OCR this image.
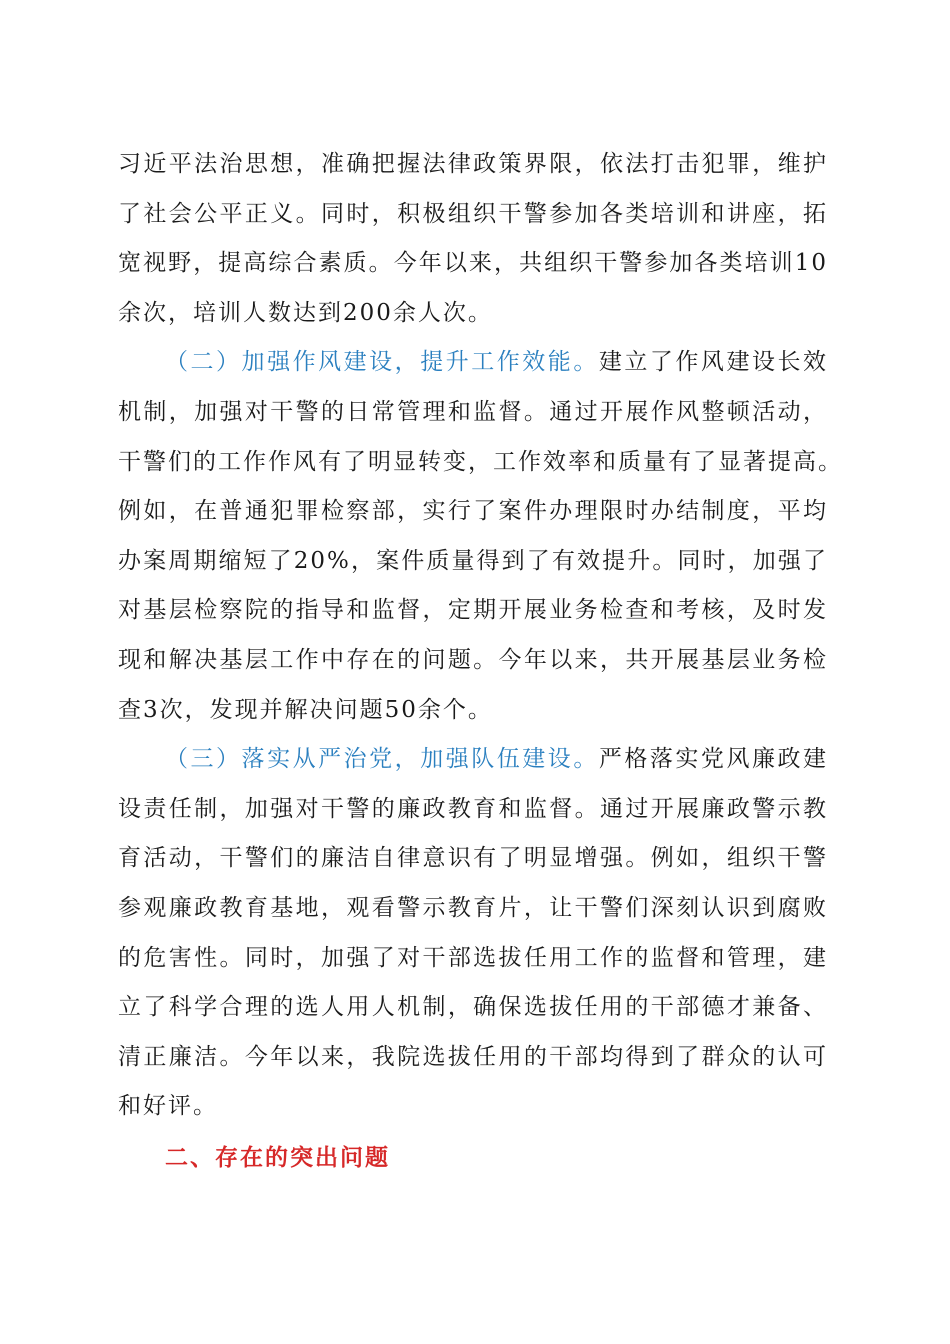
习近平法治思想，准确把握法律政策界限，依法打击犯罪，维护
了社会公平正义。同时，积极组织干警参加各类培训和讲座，拓
宽视野，提高综合素质。今年以来，共组织干警参加各类培训10
余次，培训人数达到200余人次。
（二）加强作风建设，提升工作效能。建立了作风建设长效
机制，加强对干警的日常管理和监督。通过开展作风整顿活动，
干警们的工作作风有了明显转变，工作效率和质量有了显著提高。
例如，在普通犯罪检察部，实行了案件办理限时办结制度，平均
办案周期缩短了20%，案件质量得到了有效提升。同时，加强了
对基层检察院的指导和监督，定期开展业务检查和考核，及时发
现和解决基层工作中存在的问题。今年以来，共开展基层业务检
查3次，发现并解决问题50余个。
（三）落实从严治党，加强队伍建设。严格落实党风廉政建
设责任制，加强对干警的廉政教育和监督。通过开展廉政警示教
育活动，干警们的廉洁自律意识有了明显增强。例如，组织干警
参观廉政教育基地，观看警示教育片，让干警们深刻认识到腐败
的危害性。同时，加强了对干部选拔任用工作的监督和管理，建
立了科学合理的选人用人机制，确保选拔任用的干部德才兼备、
清正廉洁。今年以来，我院选拔任用的干部均得到了群众的认可
和好评。
二、存在的突出问题
